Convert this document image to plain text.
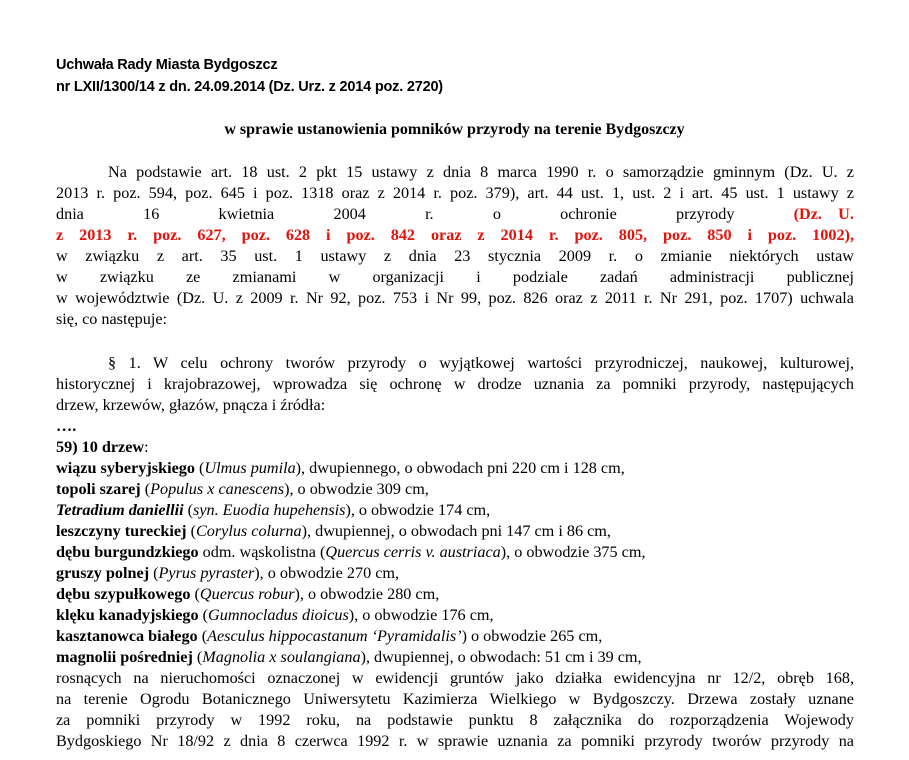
Uchwała Rady Miasta Bydgoszcz
nr LXII/1300/14 z dn. 24.09.2014 (Dz. Urz. z 2014 poz. 2720)
w sprawie ustanowienia pomników przyrody na terenie Bydgoszczy
Na podstawie art. 18 ust. 2 pkt 15 ustawy z dnia 8 marca 1990 r. o samorządzie gminnym (Dz. U. z
2013 r. poz. 594, poz. 645 i poz. 1318 oraz z 2014 r. poz. 379), art. 44 ust. 1, ust. 2 i art. 45 ust. 1 ustawy z
dnia	16	kwietnia	2004	r.	o	ochronie	przyrody	(Dz.    U.
z 2013 r. poz. 627, poz. 628 i poz. 842 oraz z 2014 r. poz. 805, poz. 850 i poz. 1002),
w związku z art. 35 ust. 1 ustawy z dnia 23 stycznia 2009 r. o zmianie niektórych ustaw
w związku ze zmianami w organizacji i podziale zadań administracji publicznej
w województwie (Dz. U. z 2009 r. Nr 92, poz. 753 i Nr 99, poz. 826 oraz z 2011 r. Nr 291, poz. 1707) uchwala
się, co następuje:
§ 1. W celu ochrony tworów przyrody o wyjątkowej wartości przyrodniczej, naukowej, kulturowej,
historycznej i krajobrazowej, wprowadza się ochronę w drodze uznania za pomniki przyrody, następujących
drzew, krzewów, głazów, pnącza i źródła:
….
59) 10 drzew:
wiązu syberyjskiego (Ulmus pumila), dwupiennego, o obwodach pni 220 cm i 128 cm,
topoli szarej (Populus x canescens), o obwodzie 309 cm,
Tetradium daniellii (syn. Euodia hupehensis), o obwodzie 174 cm,
leszczyny tureckiej (Corylus colurna), dwupiennej, o obwodach pni 147 cm i 86 cm,
dębu burgundzkiego odm. wąskolistna (Quercus cerris v. austriaca), o obwodzie 375 cm,
gruszy polnej (Pyrus pyraster), o obwodzie 270 cm,
dębu szypułkowego (Quercus robur), o obwodzie 280 cm,
klęku kanadyjskiego (Gumnocladus dioicus), o obwodzie 176 cm,
kasztanowca białego (Aesculus hippocastanum ‘Pyramidalis’) o obwodzie 265 cm,
magnolii pośredniej (Magnolia x soulangiana), dwupiennej, o obwodach: 51 cm i 39 cm,
rosnących na nieruchomości oznaczonej w ewidencji gruntów jako działka ewidencyjna nr 12/2, obręb 168,
na terenie Ogrodu Botanicznego Uniwersytetu Kazimierza Wielkiego w Bydgoszczy. Drzewa zostały uznane
za pomniki przyrody w 1992 roku, na podstawie punktu 8 załącznika do rozporządzenia Wojewody
Bydgoskiego Nr 18/92 z dnia 8 czerwca 1992 r. w sprawie uznania za pomniki przyrody tworów przyrody na
